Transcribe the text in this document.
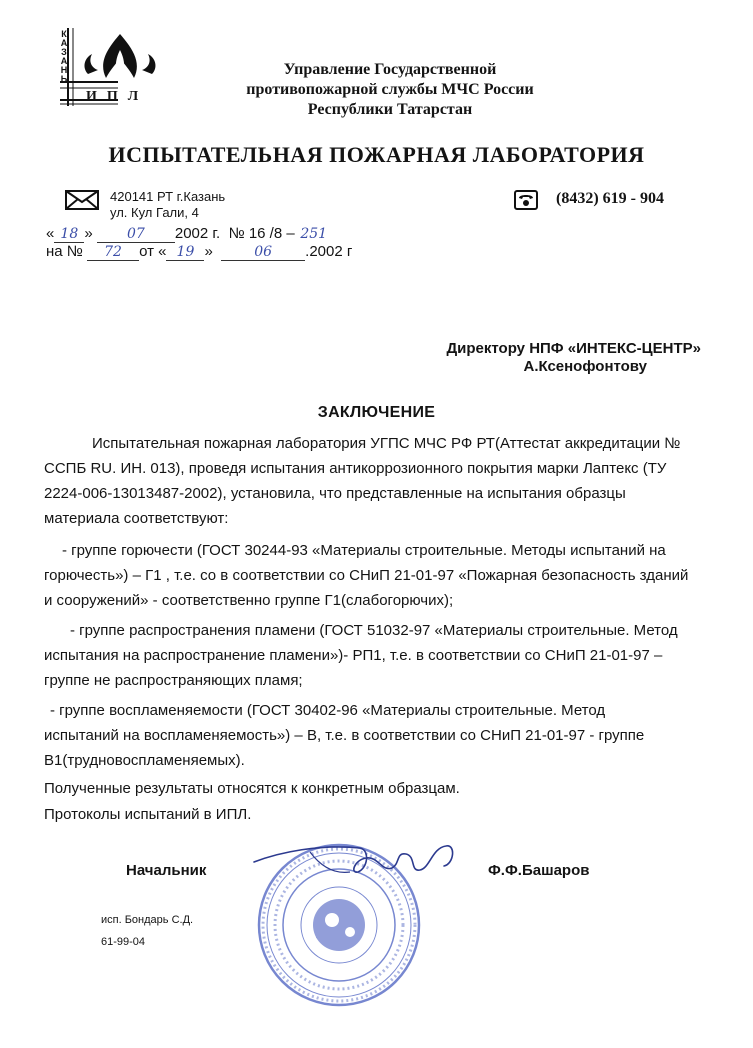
КАЗАНЬ
ИПЛ
Управление Государственной
противопожарной службы МЧС России
Республики Татарстан
ИСПЫТАТЕЛЬНАЯ ПОЖАРНАЯ ЛАБОРАТОРИЯ
420141 РТ г.Казань
ул. Кул Гали, 4
(8432) 619 - 904
« 18 » 07 2002 г. № 16 /8 – 251
на № 72 от « 19 »  06 .2002 г
Директору НПФ «ИНТЕКС-ЦЕНТР»
А.Ксенофонтову
ЗАКЛЮЧЕНИЕ
Испытательная пожарная лаборатория УГПС МЧС РФ РТ(Аттестат аккредитации №
ССПБ RU. ИН. 013), проведя испытания антикоррозионного покрытия марки Лаптекс (ТУ
2224-006-13013487-2002), установила, что представленные на испытания образцы
материала соответствуют:
- группе горючести (ГОСТ 30244-93 «Материалы строительные. Методы испытаний на
горючесть») – Г1 , т.е. со в соответствии со СНиП 21-01-97 «Пожарная безопасность зданий
и сооружений» - соответственно группе Г1(слабогорючих);
- группе распространения пламени (ГОСТ 51032-97 «Материалы строительные. Метод
испытания на распространение пламени»)- РП1, т.е. в соответствии со СНиП 21-01-97 –
группе не распространяющих пламя;
- группе воспламеняемости (ГОСТ 30402-96 «Материалы строительные. Метод
испытаний на воспламеняемость») – В, т.е. в соответствии со СНиП 21-01-97 - группе
В1(трудновоспламеняемых).
Полученные результаты относятся к конкретным образцам.
Протоколы испытаний в ИПЛ.
Начальник	Ф.Ф.Башаров
исп. Бондарь С.Д.
61-99-04
